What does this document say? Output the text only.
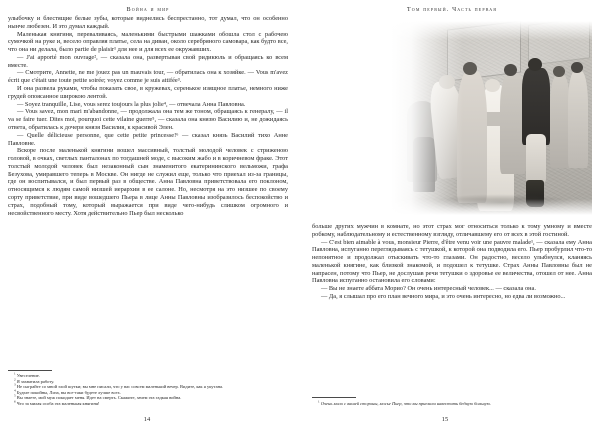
Война и мир

улыбочку и блестящие белые зубы, которые виднелись беспрестанно, тот думал, что он особенно нынче любезен. И это думал каждый.

Маленькая княгиня, переваливаясь, маленькими быстрыми шажками обошла стол с рабочею сумочкой на руке и, весело оправляя платье, села на диван, около серебряного самовара, как будто все, что она ни делала, было partie de plaisir¹ для нее и для всех ее окружавших.

— J'ai apporté mon ouvrage², — сказала она, развертывая свой ридикюль и обращаясь ко всем вместе.

— Смотрите, Annette, ne me jouez pas un mauvais tour, — обратилась она к хозяйке. — Vous m'avez écrit que c'était une toute petite soirée; voyez comme je suis attifée³.

И она развела руками, чтобы показать свое, в кружевах, серенькое изящное платье, немного ниже грудей опоясанное широкою лентой.

— Soyez tranquille, Lise, vous serez toujours la plus jolie⁴, — отвечала Анна Павловна.

— Vous savez, mon mari m'abandonne, — продолжала она тем же тоном, обращаясь к генералу, — il va se faire tuer. Dites moi, pourquoi cette vilaine guerre⁵, — сказала она князю Василию и, не дожидаясь ответа, обратилась к дочери князя Василия, к красивой Элен.

— Quelle délicieuse personne, que cette petite princesse!⁶ — сказал князь Василий тихо Анне Павловне.

Вскоре после маленькой княгини вошел массивный, толстый молодой человек с стриженою головой, в очках, светлых панталонах по тогдашней моде, с высоким жабо и в коричневом фраке. Этот толстый молодой человек был незаконный сын знаменитого екатерининского вельможи, графа Безухова, умиравшего теперь в Москве. Он нигде не служил еще, только что приехал из-за границы, где он воспитывался, и был первый раз в обществе. Анна Павловна приветствовала его поклоном, относящимся к людям самой низшей иерархии в ее салоне. Но, несмотря на это низшее по своему сорту приветствие, при виде вошедшего Пьера в лице Анны Павловны изобразилось беспокойство и страх, подобный тому, который выражается при виде чего-нибудь слишком огромного и несвойственного месту. Хотя действительно Пьер был несколько

$^1$ Увеселение.

$^2$ Я захватила работу.

$^3$ Не сыграйте со мной злой шутки; вы мне писали, что у вас совсем маленький вечер. Видите, как я укутана.

$^4$ Будьте покойны, Лиза, вы все-таки будете лучше всех.

$^5$ Вы знаете, мой муж покидает меня. Идет на смерть. Скажите, зачем эта гадкая война.

$^6$ Что за милая особа эта маленькая княгиня!

14
Том первый. Часть первая

больше других мужчин в комнате, но этот страх мог относиться только к тому умному и вместе робкому, наблюдательному и естественному взгляду, отличавшему его от всех в этой гостиной.

— C'est bien aimable à vous, monsieur Pierre, d'être venu voir une pauvre malade¹, — сказала ему Анна Павловна, испуганно переглядываясь с тетушкой, к которой она подводила его. Пьер пробурлил что-то непонятное и продолжал отыскивать что-то глазами. Он радостно, весело улыбнулся, кланяясь маленькой княгине, как близкой знакомой, и подошел к тетушке. Страх Анны Павловны был не напрасен, потому что Пьер, не дослушав речи тетушки о здоровье ее величества, отошел от нее. Анна Павловна испуганно остановила его словами:

— Вы не знаете аббата Морио? Он очень интересный человек... — сказала она.

— Да, я слышал про его план вечного мира, и это очень интересно, но едва ли возможно...

$^1$ Очень мило с вашей стороны, мосье Пьер, что вы приехали навестить бедную больную.

15
